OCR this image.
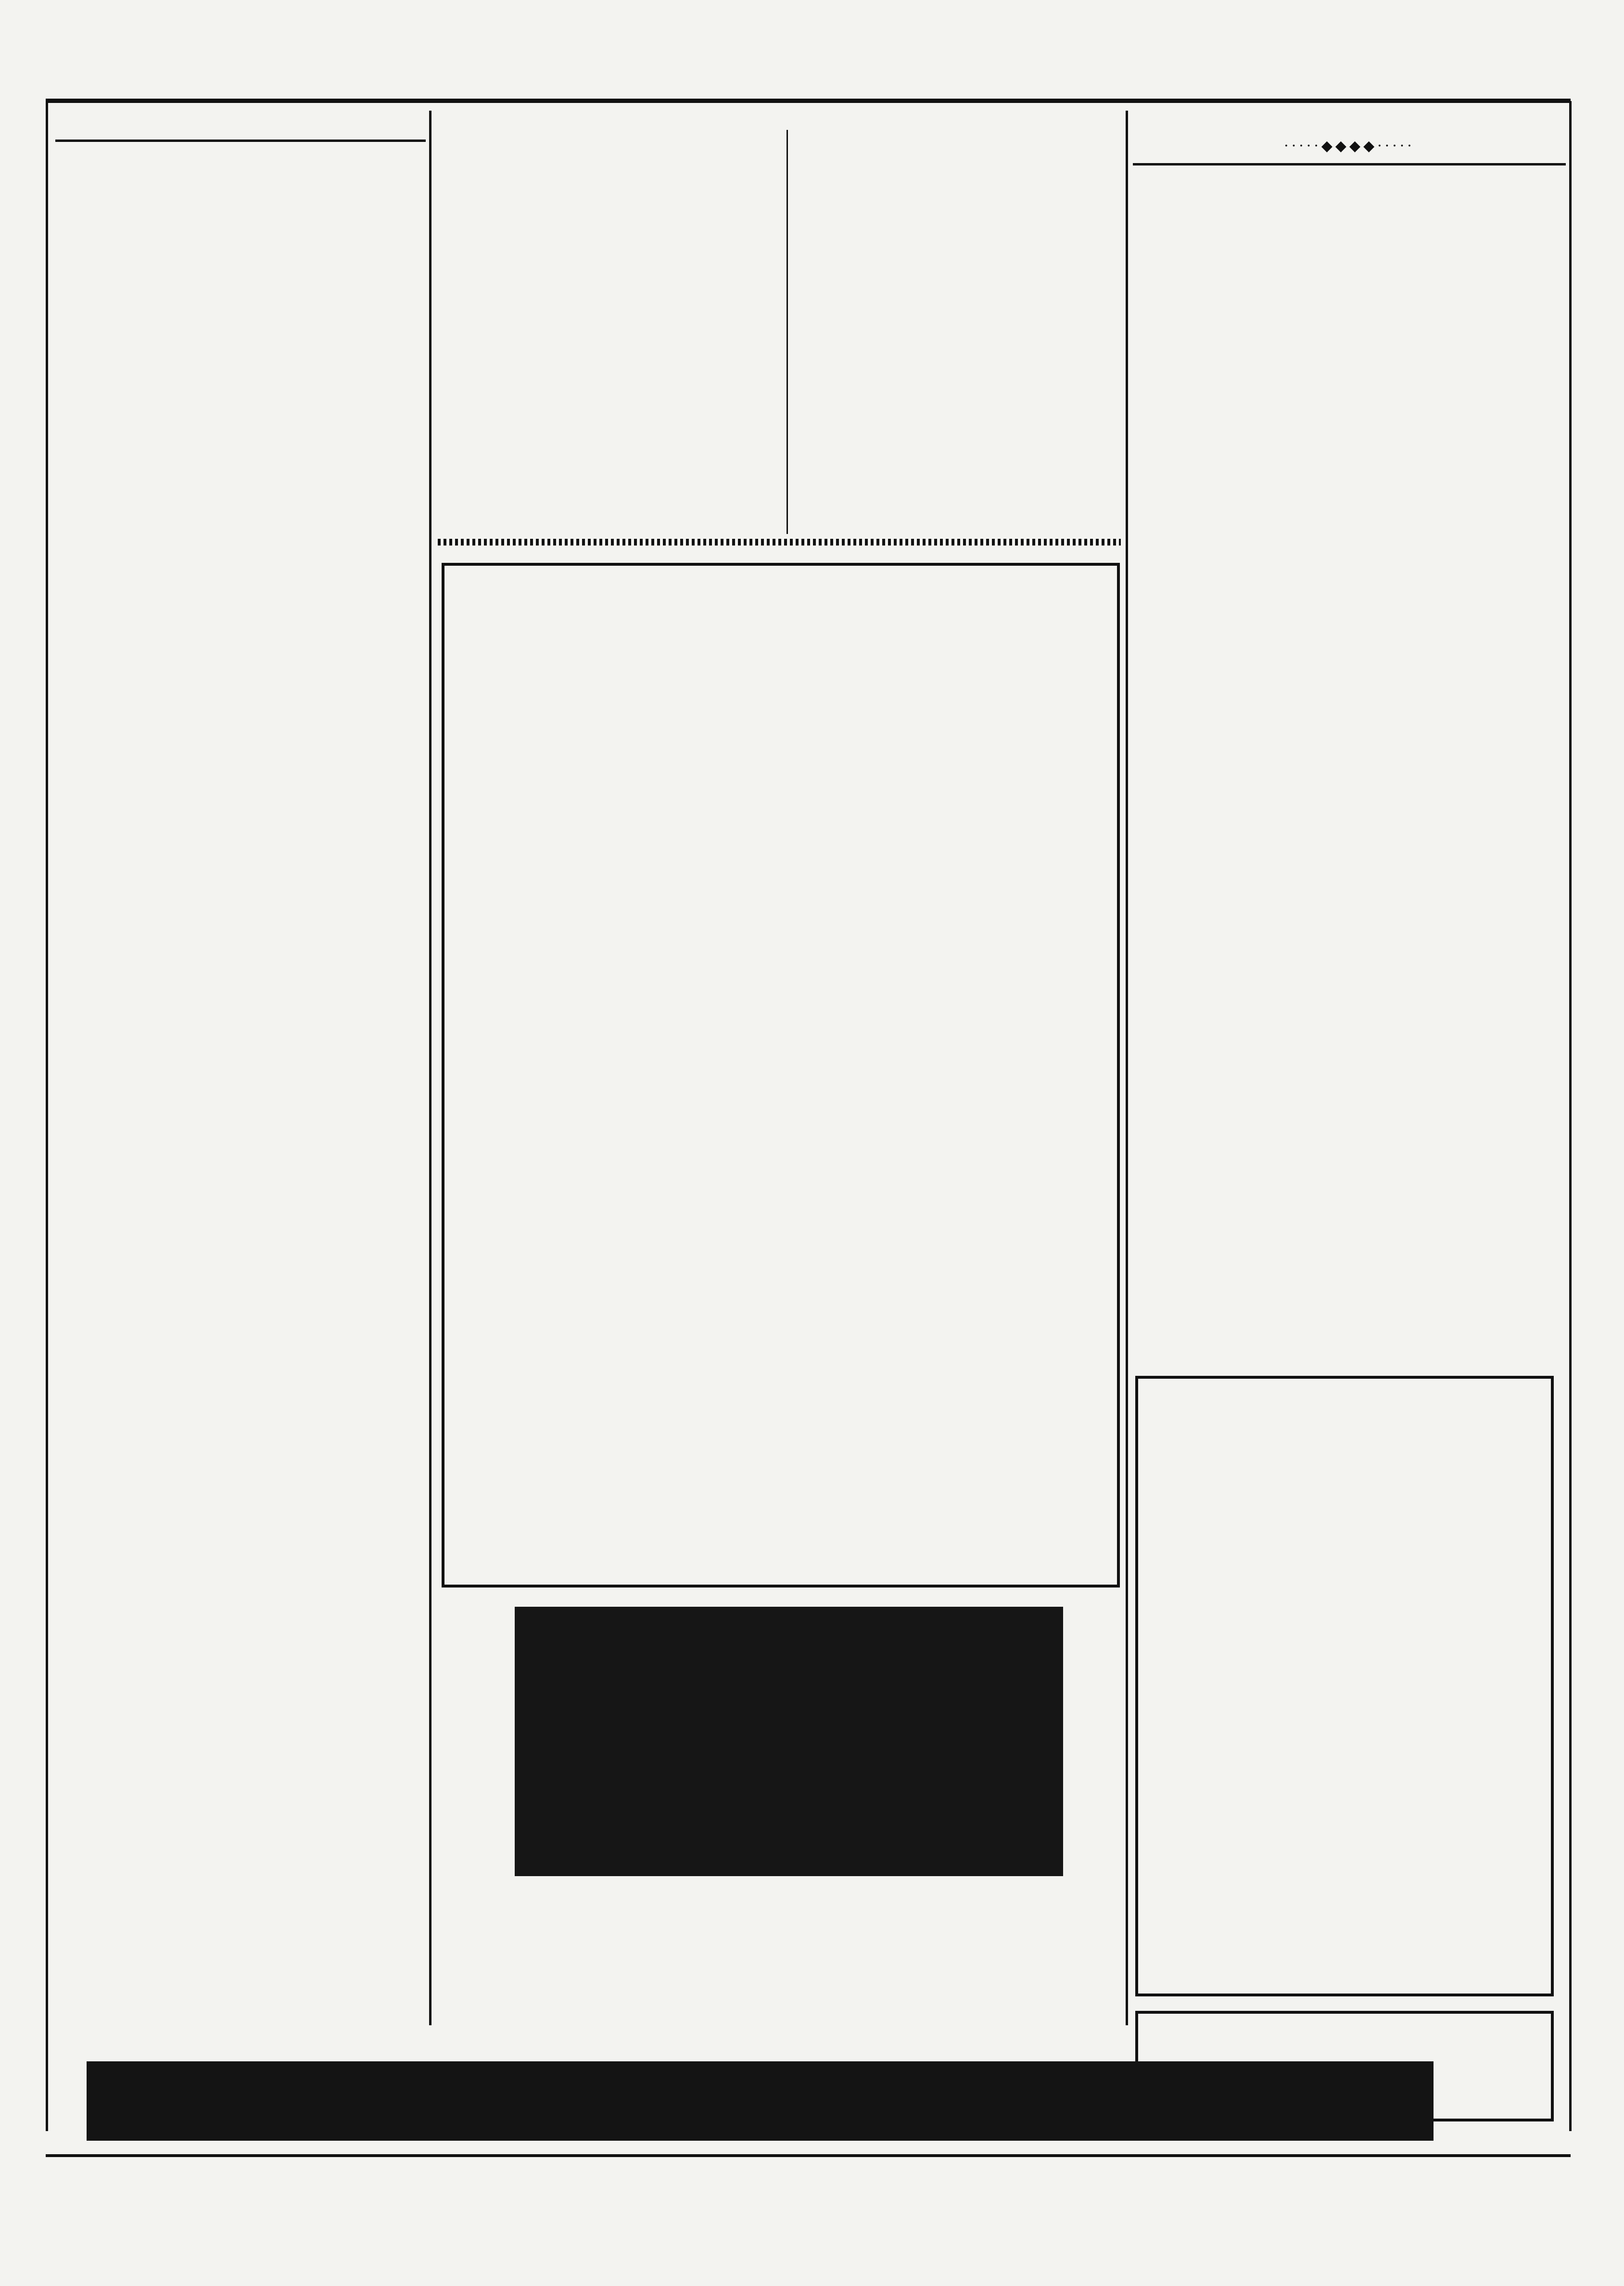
·····◆◆◆◆·····
